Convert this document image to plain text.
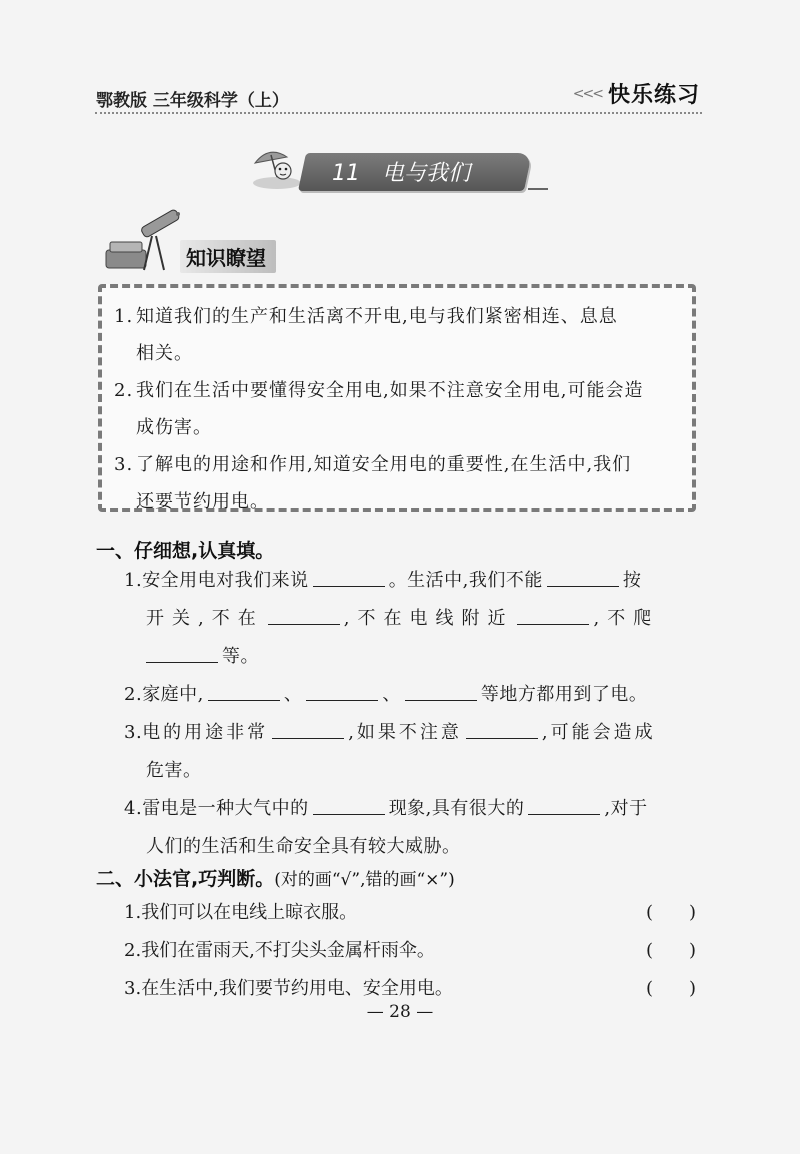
鄂教版 三年级科学（上）	<<< 快乐练习
11 电与我们
知识瞭望
1. 知道我们的生产和生活离不开电,电与我们紧密相连、息息
相关。
2. 我们在生活中要懂得安全用电,如果不注意安全用电,可能会造
成伤害。
3. 了解电的用途和作用,知道安全用电的重要性,在生活中,我们
还要节约用电。
一、仔细想,认真填。
1. 安全用电对我们来说	。生活中,我们不能	按
开关,不在	,不在电线附近	,不爬
等。
2. 家庭中,	、	、	等地方都用到了电。
3. 电的用途非常	,如果不注意	,可能会造成
危害。
4. 雷电是一种大气中的	现象,具有很大的	,对于
人们的生活和生命安全具有较大威胁。
二、小法官,巧判断。(对的画“√”,错的画“×”)
1.我们可以在电线上晾衣服。	(　　)
2.我们在雷雨天,不打尖头金属杆雨伞。	(　　)
3.在生活中,我们要节约用电、安全用电。	(　　)
— 28 —
